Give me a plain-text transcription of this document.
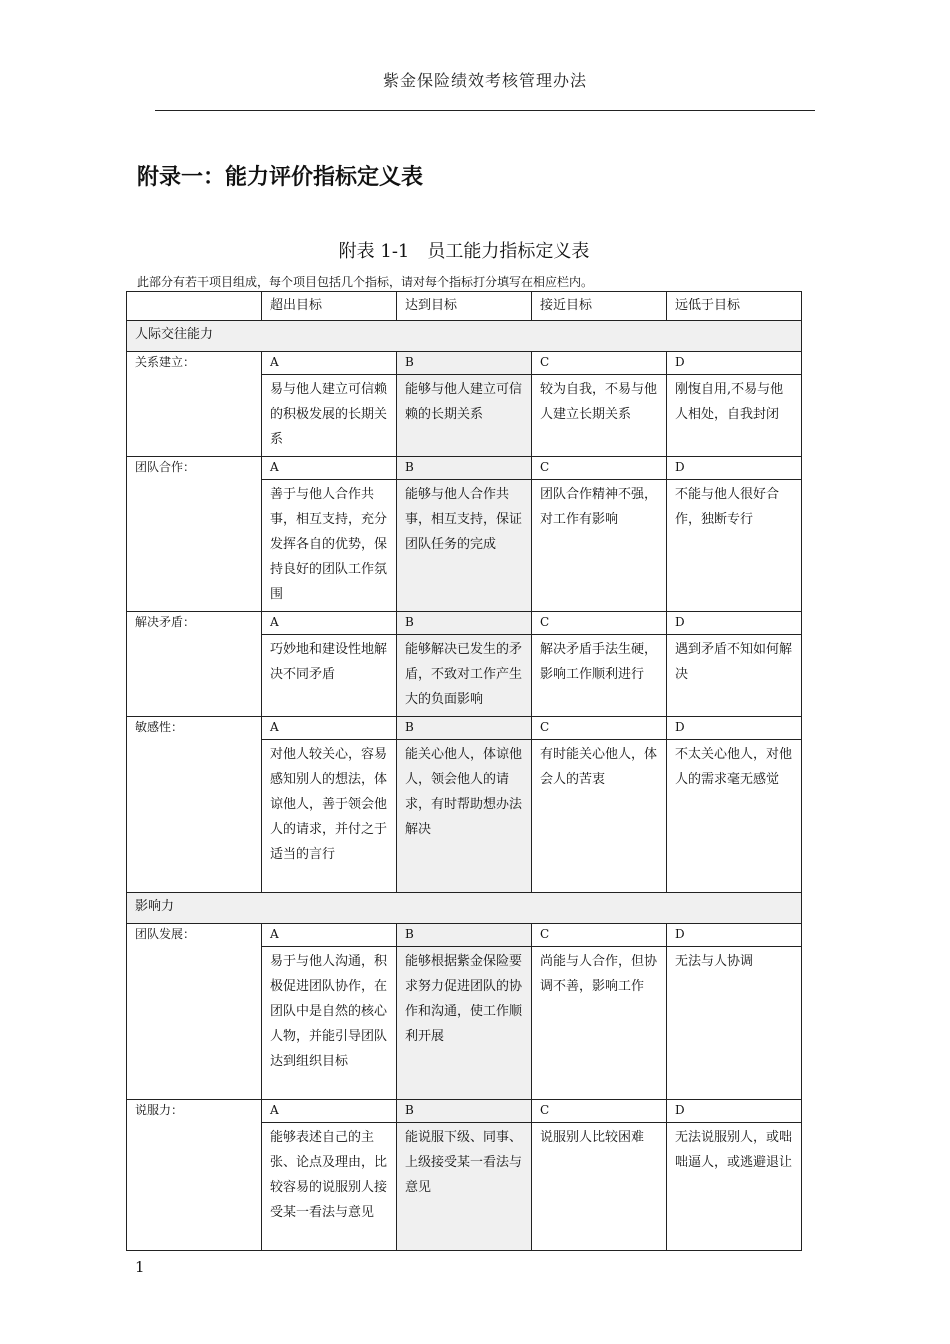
紫金保险绩效考核管理办法
附录一：能力评价指标定义表
附表 1-1　员工能力指标定义表
此部分有若干项目组成，每个项目包括几个指标，请对每个指标打分填写在相应栏内。
	超出目标	达到目标	接近目标	远低于目标
人际交往能力				
关系建立：	A	B	C	D
	易与他人建立可信赖的积极发展的长期关系	能够与他人建立可信赖的长期关系	较为自我，不易与他人建立长期关系	刚愎自用,不易与他人相处，自我封闭
团队合作：	A	B	C	D
	善于与他人合作共事，相互支持，充分发挥各自的优势，保持良好的团队工作氛围	能够与他人合作共事，相互支持，保证团队任务的完成	团队合作精神不强，对工作有影响	不能与他人很好合作，独断专行
解决矛盾：	A	B	C	D
	巧妙地和建设性地解决不同矛盾	能够解决已发生的矛盾，不致对工作产生大的负面影响	解决矛盾手法生硬，影响工作顺利进行	遇到矛盾不知如何解决
敏感性：	A	B	C	D
	对他人较关心，容易感知别人的想法，体谅他人，善于领会他人的请求，并付之于适当的言行	能关心他人，体谅他人，领会他人的请求，有时帮助想办法解决	有时能关心他人，体会人的苦衷	不太关心他人，对他人的需求毫无感觉
影响力				
团队发展：	A	B	C	D
	易于与他人沟通，积极促进团队协作，在团队中是自然的核心人物，并能引导团队达到组织目标	能够根据紫金保险要求努力促进团队的协作和沟通，使工作顺利开展	尚能与人合作，但协调不善，影响工作	无法与人协调
说服力：	A	B	C	D
	能够表述自己的主张、论点及理由，比较容易的说服别人接受某一看法与意见	能说服下级、同事、上级接受某一看法与意见	说服别人比较困难	无法说服别人，或咄咄逼人，或逃避退让
1
